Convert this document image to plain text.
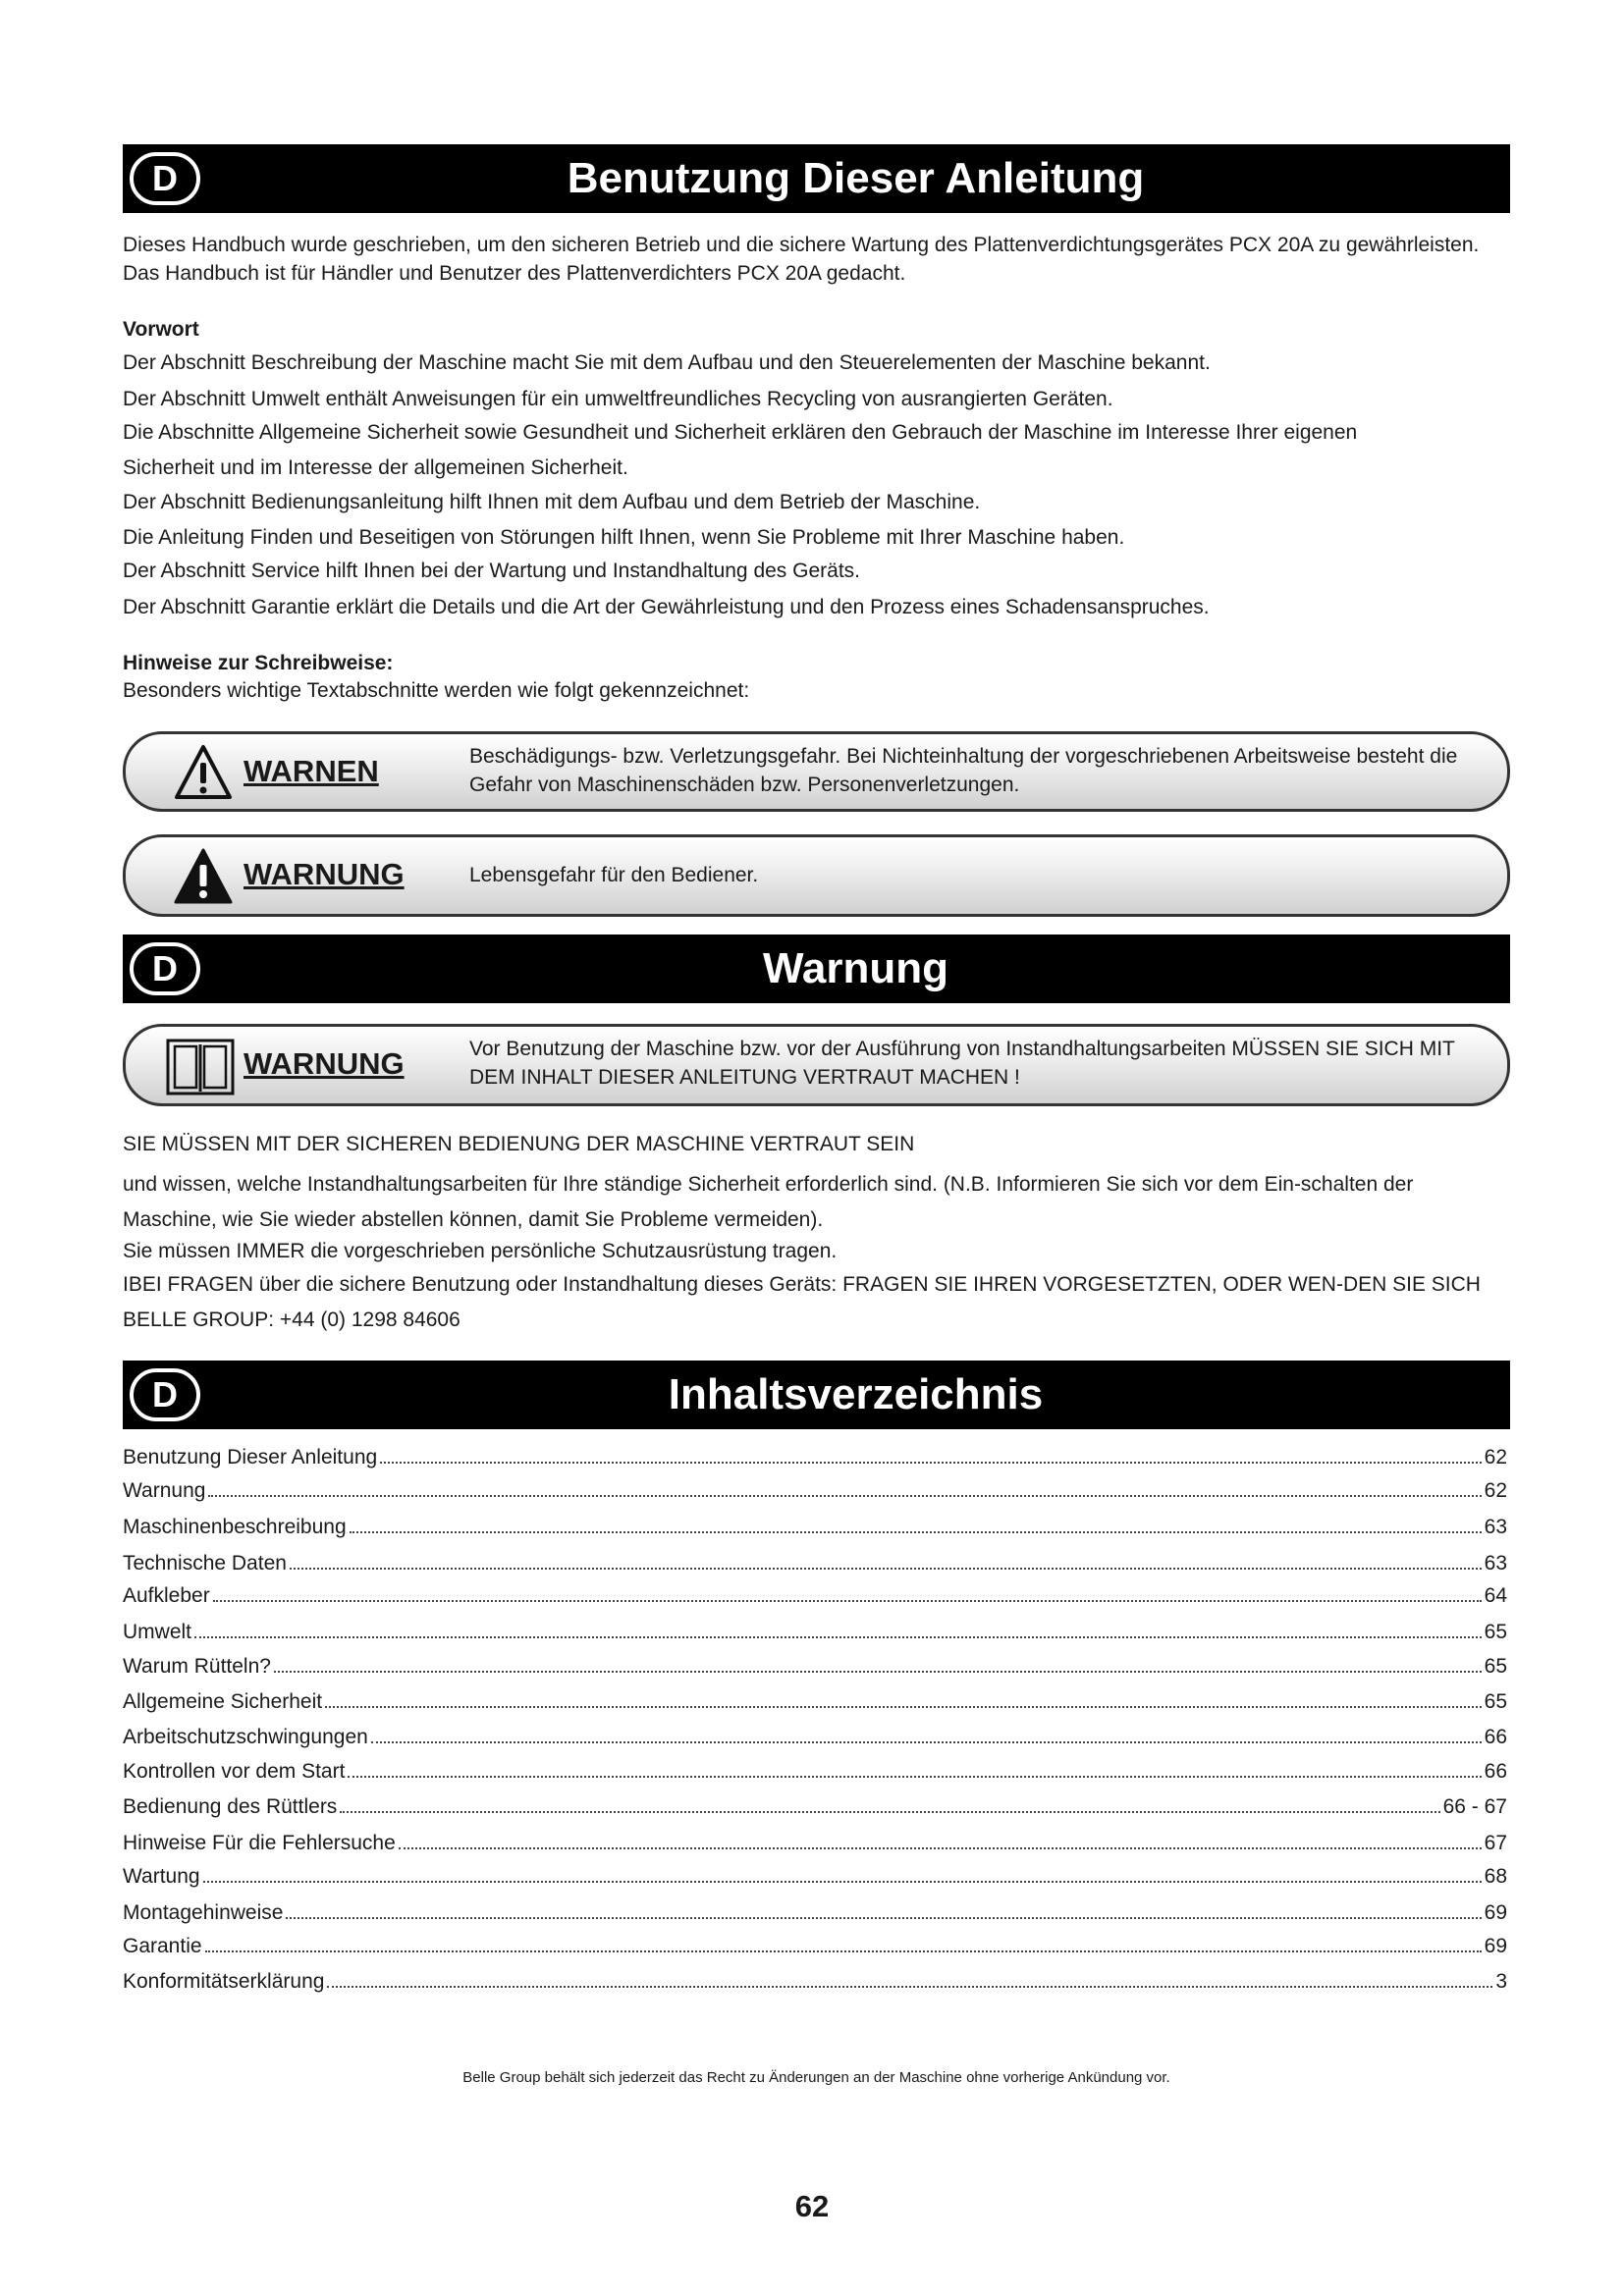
D	Benutzung Dieser Anleitung

Dieses Handbuch wurde geschrieben, um den sicheren Betrieb und die sichere Wartung des Plattenverdichtungsgerätes PCX 20A zu gewährleisten. Das Handbuch ist für Händler und Benutzer des Plattenverdichters PCX 20A gedacht.

Vorwort
Der Abschnitt Beschreibung der Maschine macht Sie mit dem Aufbau und den Steuerelementen der Maschine bekannt.
Der Abschnitt Umwelt enthält Anweisungen für ein umweltfreundliches Recycling von ausrangierten Geräten.
Die Abschnitte Allgemeine Sicherheit sowie Gesundheit und Sicherheit erklären den Gebrauch der Maschine im Interesse Ihrer eigenen
Sicherheit und im Interesse der allgemeinen Sicherheit.
Der Abschnitt Bedienungsanleitung hilft Ihnen mit dem Aufbau und dem Betrieb der Maschine.
Die Anleitung Finden und Beseitigen von Störungen hilft Ihnen, wenn Sie Probleme mit Ihrer Maschine haben.
Der Abschnitt Service hilft Ihnen bei der Wartung und Instandhaltung des Geräts.
Der Abschnitt Garantie erklärt die Details und die Art der Gewährleistung und den Prozess eines Schadensanspruches.
Hinweise zur Schreibweise:
Besonders wichtige Textabschnitte werden wie folgt gekennzeichnet:
WARNEN	Beschädigungs- bzw. Verletzungsgefahr. Bei Nichteinhaltung der vorgeschriebenen Arbeitsweise besteht die Gefahr von Maschinenschäden bzw. Personenverletzungen.
WARNUNG	Lebensgefahr für den Bediener.
D	Warnung
WARNUNG	Vor Benutzung der Maschine bzw. vor der Ausführung von Instandhaltungsarbeiten MÜSSEN SIE SICH MIT DEM INHALT DIESER ANLEITUNG VERTRAUT MACHEN !
SIE MÜSSEN MIT DER SICHEREN BEDIENUNG DER MASCHINE VERTRAUT SEIN

und wissen, welche Instandhaltungsarbeiten für Ihre ständige Sicherheit erforderlich sind. (N.B. Informieren Sie sich vor dem Ein-schalten der Maschine, wie Sie wieder abstellen können, damit Sie Probleme vermeiden).

Sie müssen IMMER die vorgeschrieben persönliche Schutzausrüstung tragen.

IBEI FRAGEN über die sichere Benutzung oder Instandhaltung dieses Geräts: FRAGEN SIE IHREN VORGESETZTEN, ODER WEN-DEN SIE SICH BELLE GROUP: +44 (0) 1298 84606

D	Inhaltsverzeichnis
Benutzung Dieser Anleitung	62
Warnung	62
Maschinenbeschreibung	63
Technische Daten	63
Aufkleber	64
Umwelt	65
Warum Rütteln?	65
Allgemeine Sicherheit	65
Arbeitschutzschwingungen	66
Kontrollen vor dem Start	66
Bedienung des Rüttlers	66 - 67
Hinweise Für die Fehlersuche	67
Wartung	68
Montagehinweise	69
Garantie	69
Konformitätserklärung	3
Belle Group behält sich jederzeit das Recht zu Änderungen an der Maschine ohne vorherige Ankündung vor.
62
